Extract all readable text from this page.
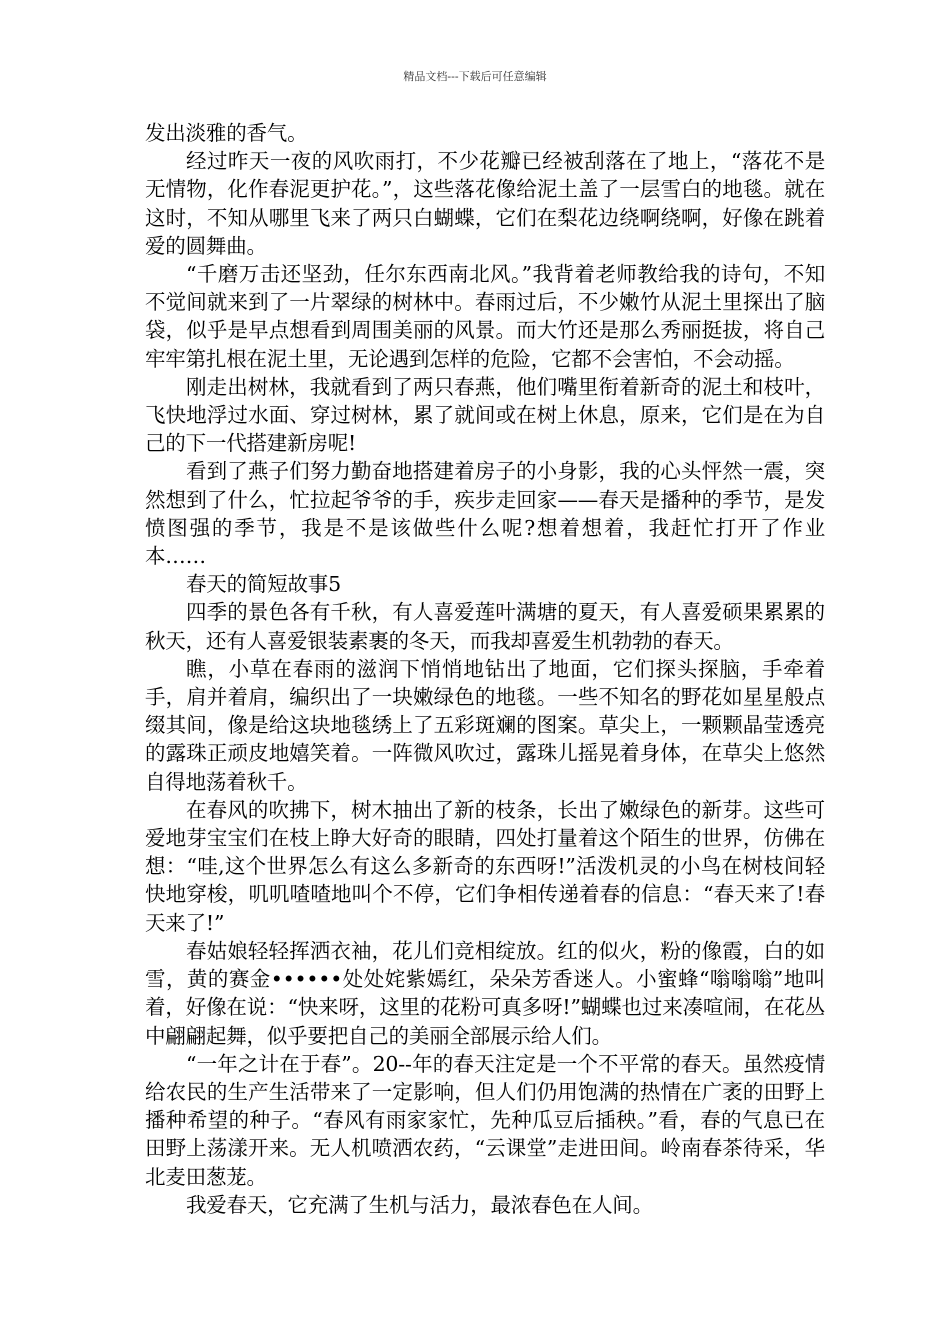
精品文档---下载后可任意编辑

发出淡雅的香气。

经过昨天一夜的风吹雨打，不少花瓣已经被刮落在了地上，“落花不是无情物，化作春泥更护花。”，这些落花像给泥土盖了一层雪白的地毯。就在这时，不知从哪里飞来了两只白蝴蝶，它们在梨花边绕啊绕啊，好像在跳着爱的圆舞曲。

“千磨万击还坚劲，任尔东西南北风。”我背着老师教给我的诗句，不知不觉间就来到了一片翠绿的树林中。春雨过后，不少嫩竹从泥土里探出了脑袋，似乎是早点想看到周围美丽的风景。而大竹还是那么秀丽挺拔，将自己牢牢第扎根在泥土里，无论遇到怎样的危险，它都不会害怕，不会动摇。

刚走出树林，我就看到了两只春燕，他们嘴里衔着新奇的泥土和枝叶，飞快地浮过水面、穿过树林，累了就间或在树上休息，原来，它们是在为自己的下一代搭建新房呢!

看到了燕子们努力勤奋地搭建着房子的小身影，我的心头怦然一震，突然想到了什么，忙拉起爷爷的手，疾步走回家——春天是播种的季节，是发愤图强的季节，我是不是该做些什么呢?想着想着，我赶忙打开了作业本……

春天的简短故事5

四季的景色各有千秋，有人喜爱莲叶满塘的夏天，有人喜爱硕果累累的秋天，还有人喜爱银装素裹的冬天，而我却喜爱生机勃勃的春天。

瞧，小草在春雨的滋润下悄悄地钻出了地面，它们探头探脑，手牵着手，肩并着肩，编织出了一块嫩绿色的地毯。一些不知名的野花如星星般点缀其间，像是给这块地毯绣上了五彩斑斓的图案。草尖上，一颗颗晶莹透亮的露珠正顽皮地嬉笑着。一阵微风吹过，露珠儿摇晃着身体，在草尖上悠然自得地荡着秋千。

在春风的吹拂下，树木抽出了新的枝条，长出了嫩绿色的新芽。这些可爱地芽宝宝们在枝上睁大好奇的眼睛，四处打量着这个陌生的世界，仿佛在想：“哇,这个世界怎么有这么多新奇的东西呀!”活泼机灵的小鸟在树枝间轻快地穿梭，叽叽喳喳地叫个不停，它们争相传递着春的信息：“春天来了!春天来了!”

春姑娘轻轻挥洒衣袖，花儿们竞相绽放。红的似火，粉的像霞，白的如雪，黄的赛金••••••处处姹紫嫣红，朵朵芳香迷人。小蜜蜂“嗡嗡嗡”地叫着，好像在说：“快来呀，这里的花粉可真多呀!”蝴蝶也过来凑喧闹，在花丛中翩翩起舞，似乎要把自己的美丽全部展示给人们。

“一年之计在于春”。20--年的春天注定是一个不平常的春天。虽然疫情给农民的生产生活带来了一定影响，但人们仍用饱满的热情在广袤的田野上播种希望的种子。“春风有雨家家忙，先种瓜豆后插秧。”看，春的气息已在田野上荡漾开来。无人机喷洒农药，“云课堂”走进田间。岭南春茶待采，华北麦田葱茏。

我爱春天，它充满了生机与活力，最浓春色在人间。
